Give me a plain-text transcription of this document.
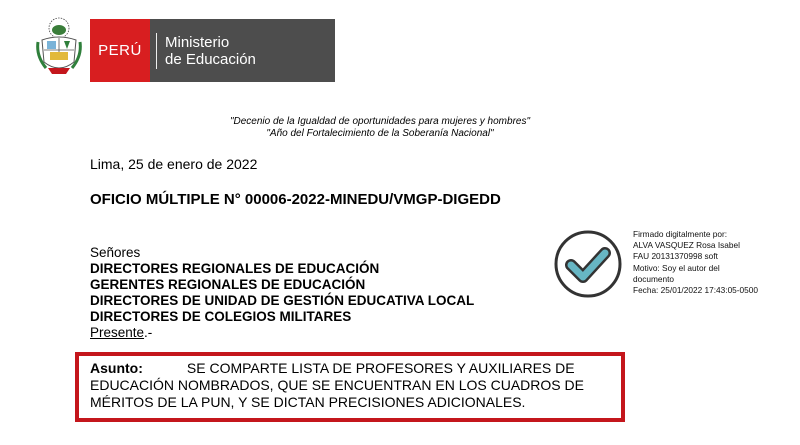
PERÚ	Ministerio
de Educación
"Decenio de la Igualdad de oportunidades para mujeres y hombres"
"Año del Fortalecimiento de la Soberanía Nacional"
Lima, 25 de enero de 2022
OFICIO MÚLTIPLE N° 00006-2022-MINEDU/VMGP-DIGEDD
Señores
DIRECTORES REGIONALES DE EDUCACIÓN
GERENTES REGIONALES DE EDUCACIÓN
DIRECTORES DE UNIDAD DE GESTIÓN EDUCATIVA LOCAL
DIRECTORES DE COLEGIOS MILITARES
Presente.-
Firmado digitalmente por:
ALVA VASQUEZ Rosa Isabel
FAU 20131370998 soft
Motivo: Soy el autor del
documento
Fecha: 25/01/2022 17:43:05-0500
Asunto:	SE COMPARTE LISTA DE PROFESORES Y AUXILIARES DE
EDUCACIÓN NOMBRADOS, QUE SE ENCUENTRAN EN LOS CUADROS DE
MÉRITOS DE LA PUN, Y SE DICTAN PRECISIONES ADICIONALES.
